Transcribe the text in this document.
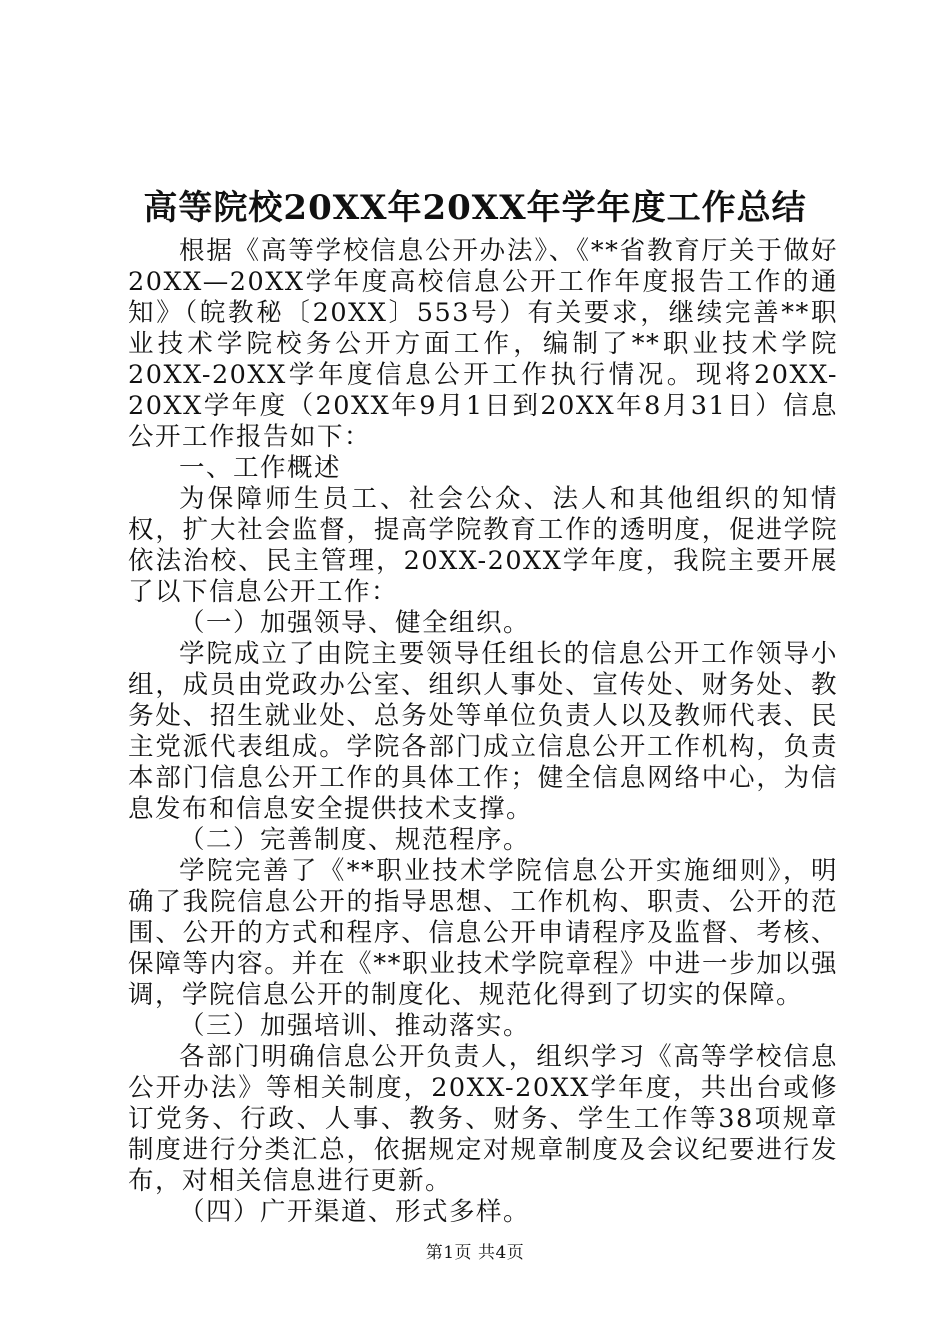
高等院校20XX年20XX年学年度工作总结

根据《高等学校信息公开办法》、《**省教育厅关于做好20XX—20XX学年度高校信息公开工作年度报告工作的通知》（皖教秘〔20XX〕553号）有关要求，继续完善**职业技术学院校务公开方面工作，编制了**职业技术学院20XX-20XX学年度信息公开工作执行情况。现将20XX-20XX学年度（20XX年9月1日到20XX年8月31日）信息公开工作报告如下：

一、工作概述

为保障师生员工、社会公众、法人和其他组织的知情权，扩大社会监督，提高学院教育工作的透明度，促进学院依法治校、民主管理，20XX-20XX学年度，我院主要开展了以下信息公开工作：

（一）加强领导、健全组织。

学院成立了由院主要领导任组长的信息公开工作领导小组，成员由党政办公室、组织人事处、宣传处、财务处、教务处、招生就业处、总务处等单位负责人以及教师代表、民主党派代表组成。学院各部门成立信息公开工作机构，负责本部门信息公开工作的具体工作；健全信息网络中心，为信息发布和信息安全提供技术支撑。

（二）完善制度、规范程序。

学院完善了《**职业技术学院信息公开实施细则》，明确了我院信息公开的指导思想、工作机构、职责、公开的范围、公开的方式和程序、信息公开申请程序及监督、考核、保障等内容。并在《**职业技术学院章程》中进一步加以强调，学院信息公开的制度化、规范化得到了切实的保障。

（三）加强培训、推动落实。

各部门明确信息公开负责人，组织学习《高等学校信息公开办法》等相关制度，20XX-20XX学年度，共出台或修订党务、行政、人事、教务、财务、学生工作等38项规章制度进行分类汇总，依据规定对规章制度及会议纪要进行发布，对相关信息进行更新。

（四）广开渠道、形式多样。

第1页 共4页
